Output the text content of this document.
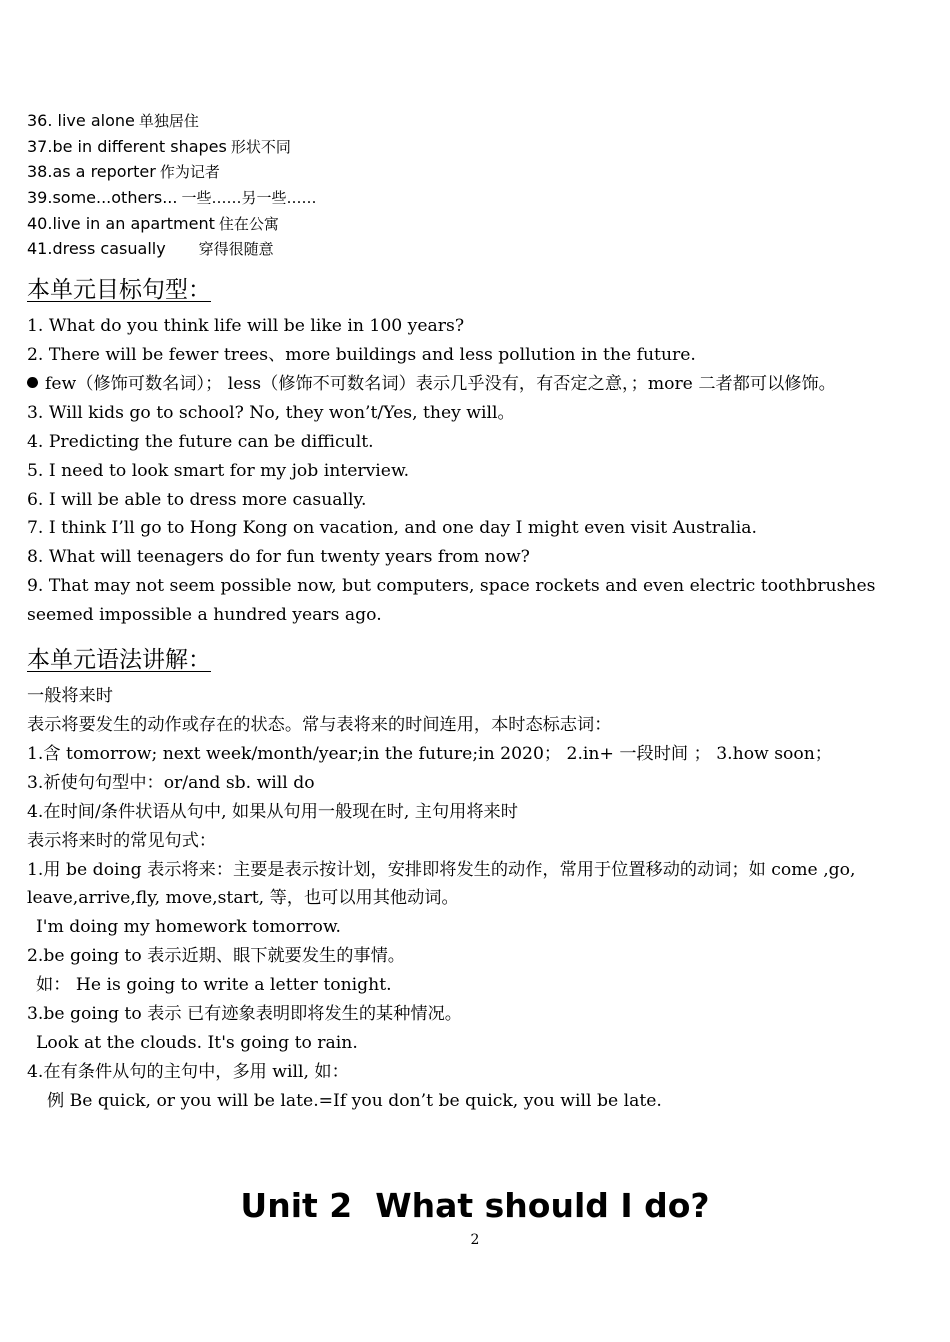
36. live alone 单独居住
37.be in different shapes 形状不同
38.as a reporter 作为记者
39.some...others... 一些……另一些……
40.live in an apartment 住在公寓
41.dress casually 穿得很随意
本单元目标句型：
1. What do you think life will be like in 100 years?
2. There will be fewer trees、more buildings and less pollution in the future.
few（修饰可数名词）； less（修饰不可数名词）表示几乎没有，有否定之意，；more 二者都可以修饰。
3. Will kids go to school? No, they won’t/Yes, they will。
4. Predicting the future can be difficult.
5. I need to look smart for my job interview.
6. I will be able to dress more casually.
7. I think I’ll go to Hong Kong on vacation, and one day I might even visit Australia.
8. What will teenagers do for fun twenty years from now?
9. That may not seem possible now, but computers, space rockets and even electric toothbrushes seemed impossible a hundred years ago.
本单元语法讲解：
一般将来时
表示将要发生的动作或存在的状态。常与表将来的时间连用，本时态标志词：
1.含 tomorrow; next week/month/year;in the future;in 2020； 2.in+ 一段时间 ； 3.how soon；
3.祈使句句型中：or/and sb. will do
4.在时间/条件状语从句中, 如果从句用一般现在时, 主句用将来时
表示将来时的常见句式：
1.用 be doing 表示将来：主要是表示按计划，安排即将发生的动作，常用于位置移动的动词；如 come ,go, leave,arrive,fly, move,start, 等，也可以用其他动词。
I'm doing my homework tomorrow.
2.be going to 表示近期、眼下就要发生的事情。
如： He is going to write a letter tonight.
3.be going to 表示 已有迹象表明即将发生的某种情况。
Look at the clouds. It's going to rain.
4.在有条件从句的主句中，多用 will, 如：
例 Be quick, or you will be late.=If you don’t be quick, you will be late.
Unit 2  What should I do?
2
